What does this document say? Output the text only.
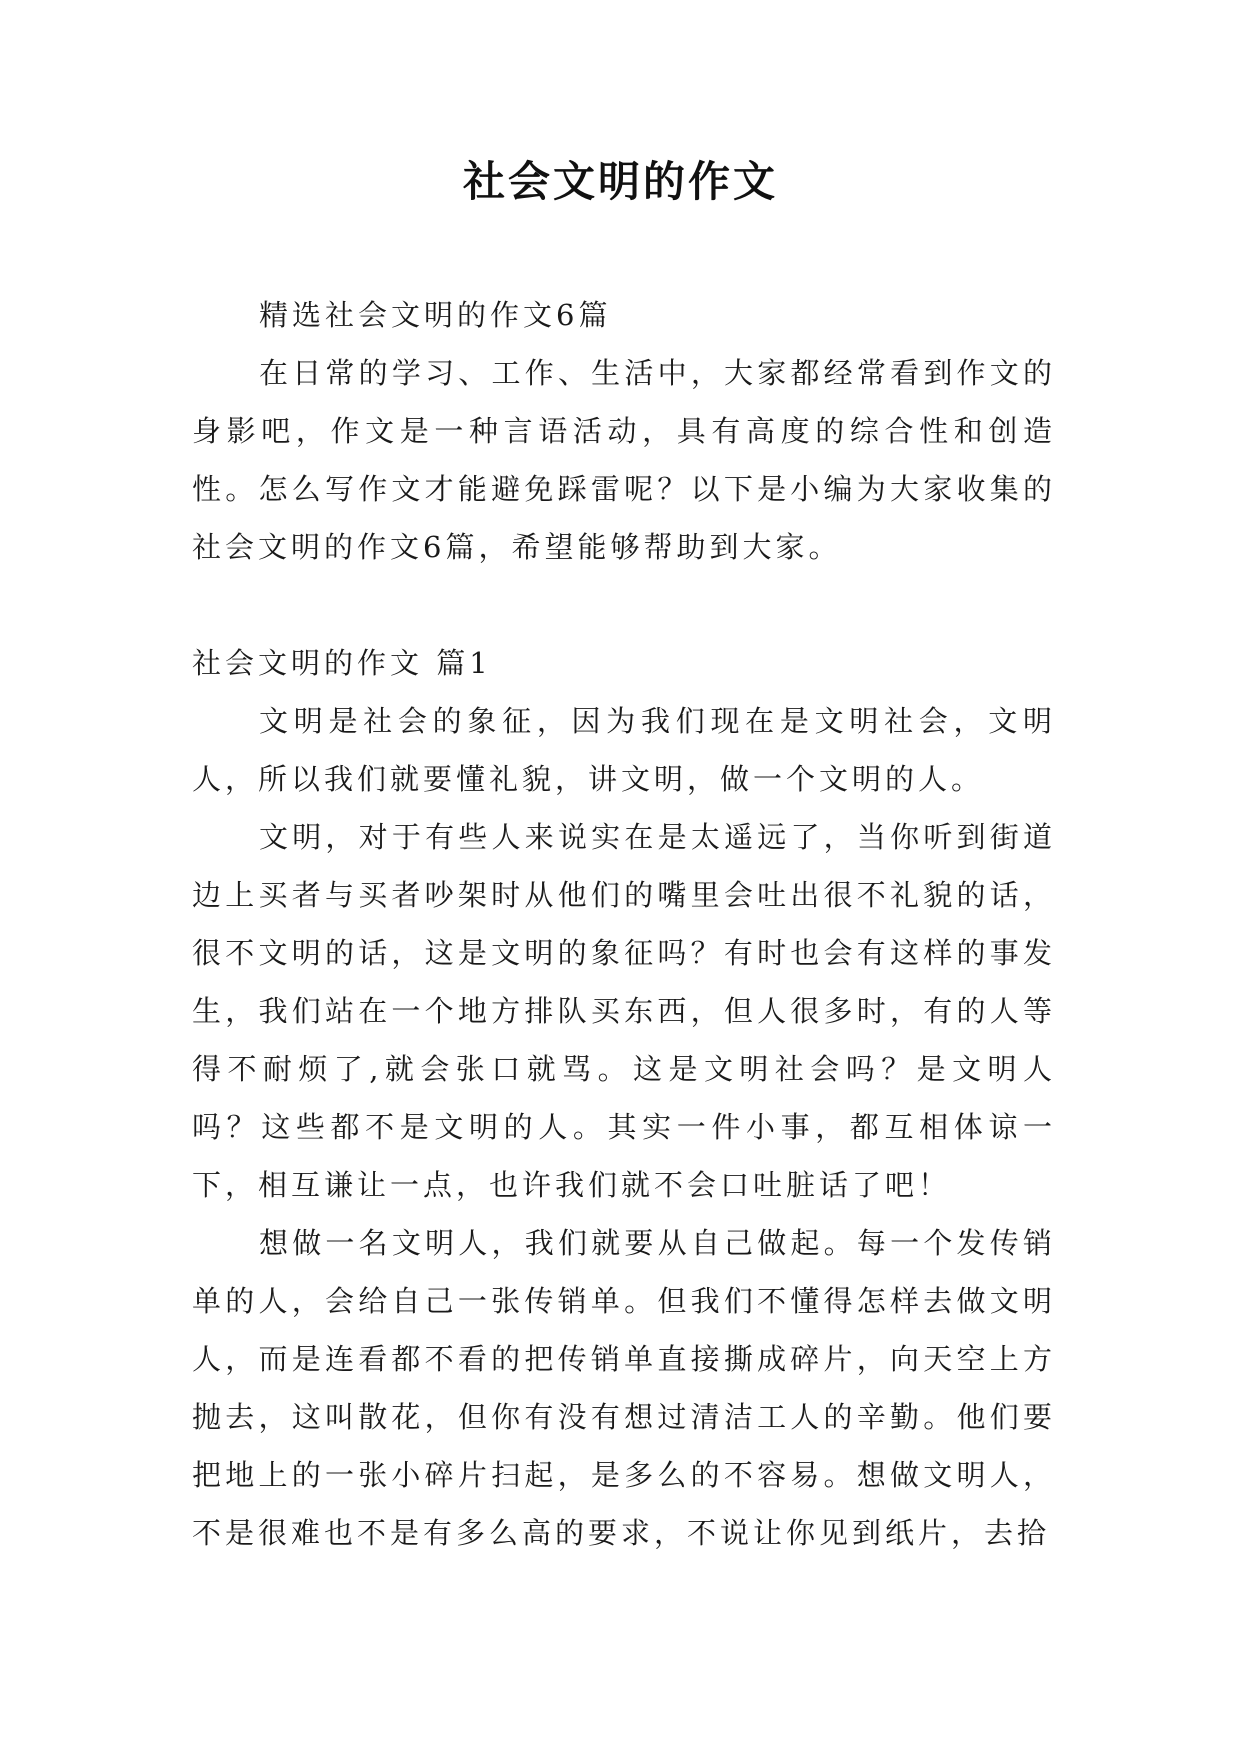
社会文明的作文

精选社会文明的作文6篇

在日常的学习、工作、生活中，大家都经常看到作文的身影吧，作文是一种言语活动，具有高度的综合性和创造性。怎么写作文才能避免踩雷呢？以下是小编为大家收集的社会文明的作文6篇，希望能够帮助到大家。

社会文明的作文 篇1

文明是社会的象征，因为我们现在是文明社会，文明人，所以我们就要懂礼貌，讲文明，做一个文明的人。

文明，对于有些人来说实在是太遥远了，当你听到街道边上买者与买者吵架时从他们的嘴里会吐出很不礼貌的话，很不文明的话，这是文明的象征吗？有时也会有这样的事发生，我们站在一个地方排队买东西，但人很多时，有的人等得不耐烦了,就会张口就骂。这是文明社会吗？是文明人吗？这些都不是文明的人。其实一件小事，都互相体谅一下，相互谦让一点，也许我们就不会口吐脏话了吧！

想做一名文明人，我们就要从自己做起。每一个发传销单的人，会给自己一张传销单。但我们不懂得怎样去做文明人，而是连看都不看的把传销单直接撕成碎片，向天空上方抛去，这叫散花，但你有没有想过清洁工人的辛勤。他们要把地上的一张小碎片扫起，是多么的不容易。想做文明人，不是很难也不是有多么高的要求，不说让你见到纸片，去拾
